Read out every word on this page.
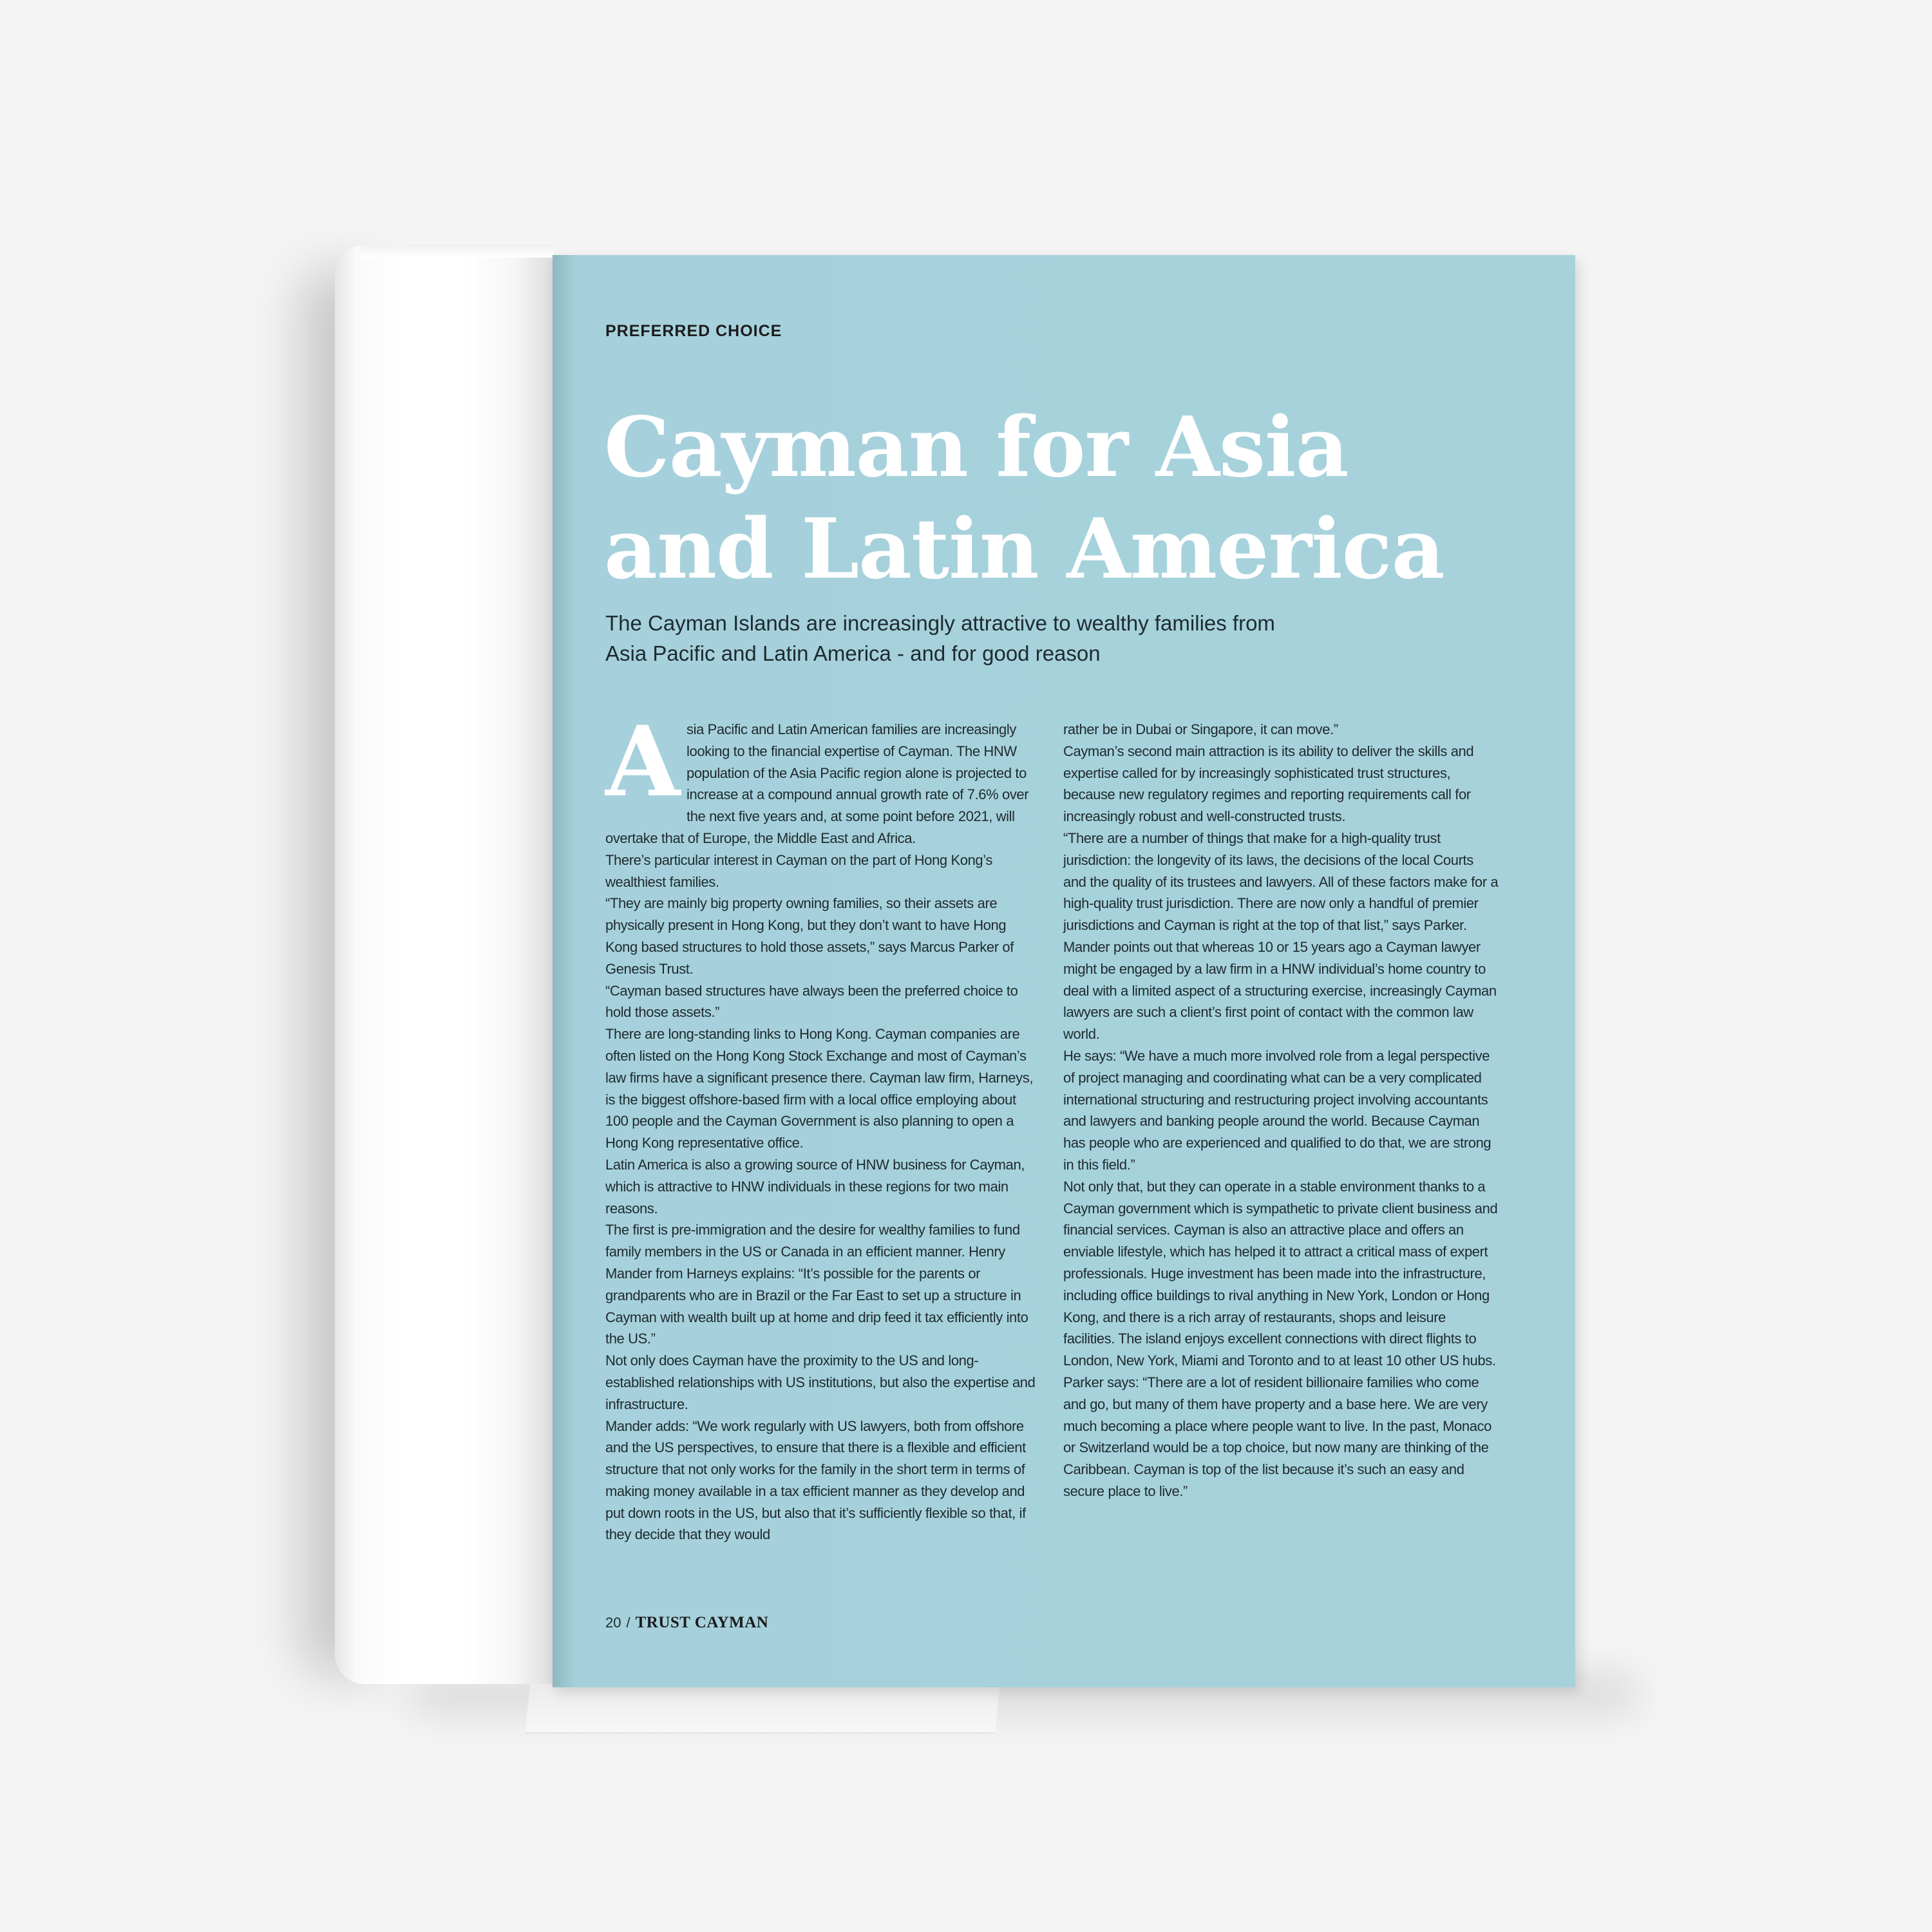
PREFERRED CHOICE
Cayman for Asia and Latin America

The Cayman Islands are increasingly attractive to wealthy families from Asia Pacific and Latin America - and for good reason

Asia Pacific and Latin American families are increasingly looking to the financial expertise of Cayman. The HNW population of the Asia Pacific region alone is projected to increase at a compound annual growth rate of 7.6% over the next five years and, at some point before 2021, will overtake that of Europe, the Middle East and Africa.

There’s particular interest in Cayman on the part of Hong Kong’s wealthiest families.

“They are mainly big property owning families, so their assets are physically present in Hong Kong, but they don’t want to have Hong Kong based structures to hold those assets,” says Marcus Parker of Genesis Trust.

“Cayman based structures have always been the preferred choice to hold those assets.”

There are long-standing links to Hong Kong. Cayman companies are often listed on the Hong Kong Stock Exchange and most of Cayman’s law firms have a significant presence there. Cayman law firm, Harneys, is the biggest offshore-based firm with a local office employing about 100 people and the Cayman Government is also planning to open a Hong Kong representative office.

Latin America is also a growing source of HNW business for Cayman, which is attractive to HNW individuals in these regions for two main reasons.

The first is pre-immigration and the desire for wealthy families to fund family members in the US or Canada in an efficient manner. Henry Mander from Harneys explains: “It’s possible for the parents or grandparents who are in Brazil or the Far East to set up a structure in Cayman with wealth built up at home and drip feed it tax efficiently into the US.”

Not only does Cayman have the proximity to the US and long-established relationships with US institutions, but also the expertise and infrastructure.

Mander adds: “We work regularly with US lawyers, both from offshore and the US perspectives, to ensure that there is a flexible and efficient structure that not only works for the family in the short term in terms of making money available in a tax efficient manner as they develop and put down roots in the US, but also that it’s sufficiently flexible so that, if they decide that they would

rather be in Dubai or Singapore, it can move.”

Cayman’s second main attraction is its ability to deliver the skills and expertise called for by increasingly sophisticated trust structures, because new regulatory regimes and reporting requirements call for increasingly robust and well-constructed trusts.

“There are a number of things that make for a high-quality trust jurisdiction: the longevity of its laws, the decisions of the local Courts and the quality of its trustees and lawyers. All of these factors make for a high-quality trust jurisdiction. There are now only a handful of premier jurisdictions and Cayman is right at the top of that list,” says Parker.

Mander points out that whereas 10 or 15 years ago a Cayman lawyer might be engaged by a law firm in a HNW individual’s home country to deal with a limited aspect of a structuring exercise, increasingly Cayman lawyers are such a client’s first point of contact with the common law world.

He says: “We have a much more involved role from a legal perspective of project managing and coordinating what can be a very complicated international structuring and restructuring project involving accountants and lawyers and banking people around the world. Because Cayman has people who are experienced and qualified to do that, we are strong in this field.”

Not only that, but they can operate in a stable environment thanks to a Cayman government which is sympathetic to private client business and financial services. Cayman is also an attractive place and offers an enviable lifestyle, which has helped it to attract a critical mass of expert professionals. Huge investment has been made into the infrastructure, including office buildings to rival anything in New York, London or Hong Kong, and there is a rich array of restaurants, shops and leisure facilities. The island enjoys excellent connections with direct flights to London, New York, Miami and Toronto and to at least 10 other US hubs.

Parker says: “There are a lot of resident billionaire families who come and go, but many of them have property and a base here. We are very much becoming a place where people want to live. In the past, Monaco or Switzerland would be a top choice, but now many are thinking of the Caribbean. Cayman is top of the list because it’s such an easy and secure place to live.”

20 / TRUST CAYMAN
